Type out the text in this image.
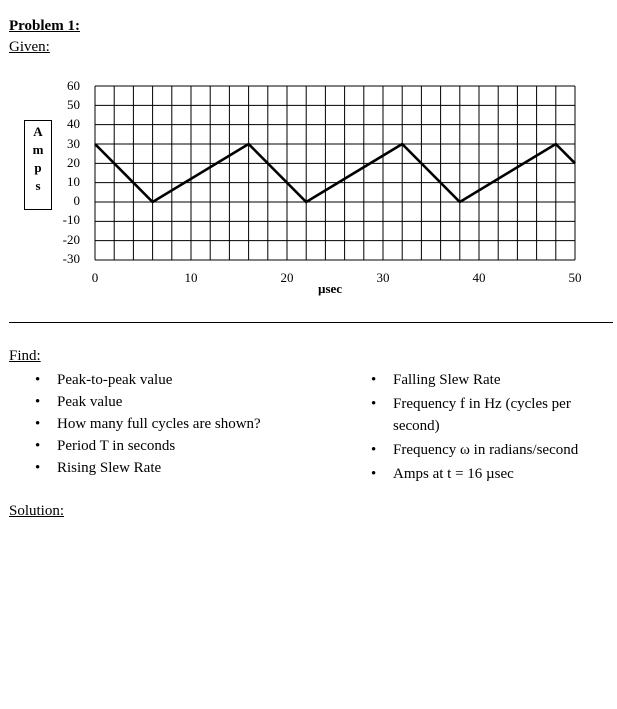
Problem 1:
Given:
A
m
p
s
60
50
40
30
20
10
0
-10
-20
-30
0	10	20	30	40	50
µsec
Find:
• Peak-to-peak value
• Peak value
• How many full cycles are shown?
• Period T in seconds
• Rising Slew Rate
• Falling Slew Rate
• Frequency f in Hz (cycles per second)
• Frequency ω in radians/second
• Amps at t = 16 µsec
Solution:
